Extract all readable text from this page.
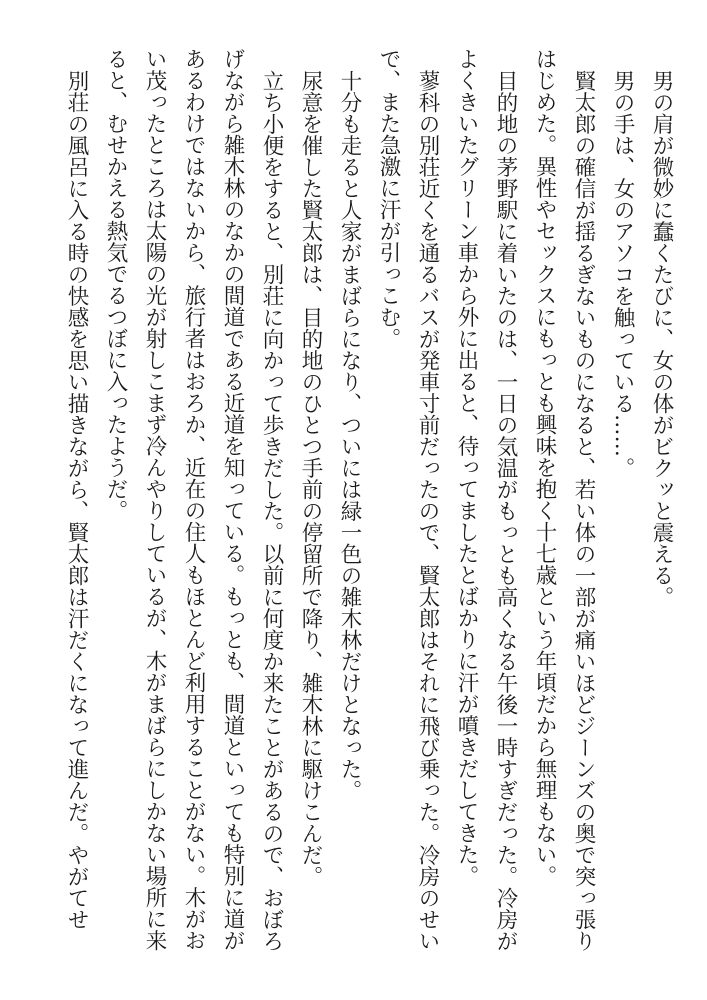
男の肩が微妙に蠢くたびに、女の体がビクッと震える。

男の手は、女のアソコを触っている……。

賢太郎の確信が揺るぎないものになると、若い体の一部が痛いほどジーンズの奥で突っ張りはじめた。異性やセックスにもっとも興味を抱く十七歳という年頃だから無理もない。

目的地の茅野駅に着いたのは、一日の気温がもっとも高くなる午後一時すぎだった。冷房がよくきいたグリーン車から外に出ると、待ってましたとばかりに汗が噴きだしてきた。

蓼科の別荘近くを通るバスが発車寸前だったので、賢太郎はそれに飛び乗った。冷房のせいで、また急激に汗が引っこむ。

十分も走ると人家がまばらになり、ついには緑一色の雑木林だけとなった。

尿意を催した賢太郎は、目的地のひとつ手前の停留所で降り、雑木林に駆けこんだ。

立ち小便をすると、別荘に向かって歩きだした。以前に何度か来たことがあるので、おぼろげながら雑木林のなかの間道である近道を知っている。もっとも、間道といっても特別に道があるわけではないから、旅行者はおろか、近在の住人もほとんど利用することがない。木がおい茂ったところは太陽の光が射しこまず冷んやりしているが、木がまばらにしかない場所に来ると、むせかえる熱気でるつぼに入ったようだ。

別荘の風呂に入る時の快感を思い描きながら、賢太郎は汗だくになって進んだ。やがてせ
